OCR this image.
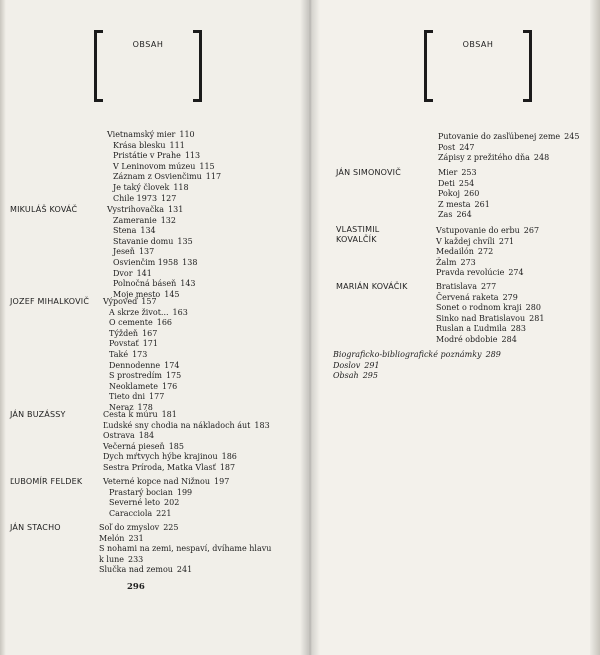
OBSAH
Vietnamský mier 110
Krása blesku 111
Pristátie v Prahe 113
V Leninovom múzeu 115
Záznam z Osvienčimu 117
Je taký človek 118
Chile 1973 127
MIKULÁŠ KOVÁČ	Vystrihovačka 131
Zameranie 132
Stena 134
Stavanie domu 135
Jeseň 137
Osvienčim 1958 138
Dvor 141
Polnočná báseň 143
Moje mesto 145
JOZEF MIHALKOVIČ Výpoveď 157
A skrze život... 163
O cemente 166
Týždeň 167
Povstať 171
Také 173
Dennodenne 174
S prostredím 175
Neoklamete 176
Tieto dni 177
Neraz 178
JÁN BUZÁSSY	Cesta k múru 181
Ľudské sny chodia na nákladoch áut 183
Ostrava 184
Večerná pieseň 185
Dych mŕtvych hýbe krajinou 186
Sestra Príroda, Matka Vlasť 187
ĽUBOMÍR FELDEK	Veterné kopce nad Nižnou 197
Prastarý bocian 199
Severné leto 202
Caracciola 221
JÁN STACHO	Soľ do zmyslov 225
Melón 231
S nohami na zemi, nespaví, dvíhame hlavu
k lune 233
Slučka nad zemou 241
296
OBSAH
Putovanie do zasľúbenej zeme 245
Post 247
Zápisy z prežitého dňa 248
JÁN SIMONOVIČ	Mier 253
Deti 254
Pokoj 260
Z mesta 261
Zas 264
VLASTIMIL
KOVALČÍK
Vstupovanie do erbu 267
V každej chvíli 271
Medailón 272
Žalm 273
Pravda revolúcie 274
MARIÁN KOVÁČIK	Bratislava 277
Červená raketa 279
Sonet o rodnom kraji 280
Sinko nad Bratislavou 281
Ruslan a Ľudmila 283
Modré obdobie 284
Biograficko-bibliografické poznámky 289
Doslov 291
Obsah 295
